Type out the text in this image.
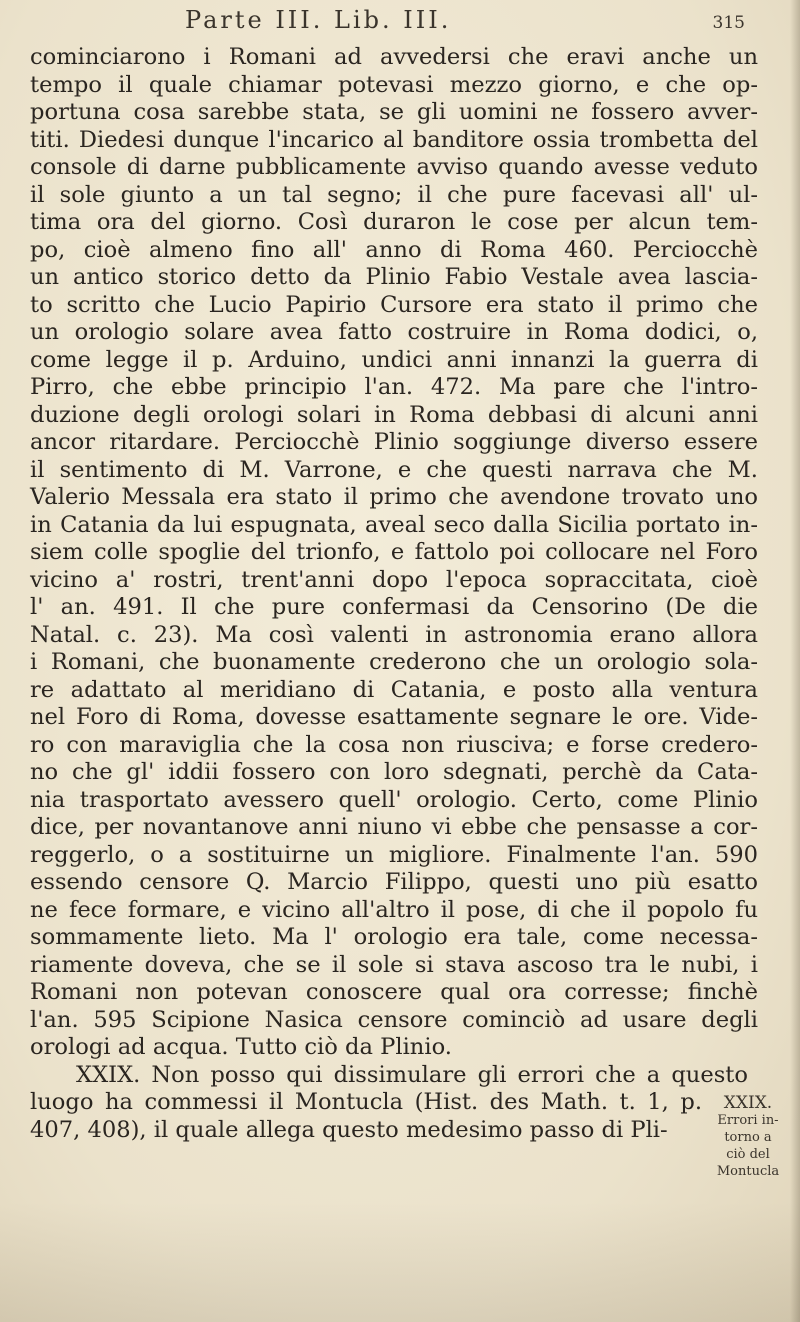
Parte III. Lib. III.	315
cominciarono i Romani ad avvedersi che eravi anche un
tempo il quale chiamar potevasi mezzo giorno, e che op-
portuna cosa sarebbe stata, se gli uomini ne fossero avver-
titi. Diedesi dunque l'incarico al banditore ossia trombetta del
console di darne pubblicamente avviso quando avesse veduto
il sole giunto a un tal segno; il che pure facevasi all' ul-
tima ora del giorno. Così duraron le cose per alcun tem-
po, cioè almeno fino all' anno di Roma 460. Perciocchè
un antico storico detto da Plinio Fabio Vestale avea lascia-
to scritto che Lucio Papirio Cursore era stato il primo che
un orologio solare avea fatto costruire in Roma dodici, o,
come legge il p. Arduino, undici anni innanzi la guerra di
Pirro, che ebbe principio l'an. 472. Ma pare che l'intro-
duzione degli orologi solari in Roma debbasi di alcuni anni
ancor ritardare. Perciocchè Plinio soggiunge diverso essere
il sentimento di M. Varrone, e che questi narrava che M.
Valerio Messala era stato il primo che avendone trovato uno
in Catania da lui espugnata, aveal seco dalla Sicilia portato in-
siem colle spoglie del trionfo, e fattolo poi collocare nel Foro
vicino a' rostri, trent'anni dopo l'epoca sopraccitata, cioè
l' an. 491. Il che pure confermasi da Censorino (De die
Natal. c. 23). Ma così valenti in astronomia erano allora
i Romani, che buonamente crederono che un orologio sola-
re adattato al meridiano di Catania, e posto alla ventura
nel Foro di Roma, dovesse esattamente segnare le ore. Vide-
ro con maraviglia che la cosa non riusciva; e forse credero-
no che gl' iddii fossero con loro sdegnati, perchè da Cata-
nia trasportato avessero quell' orologio. Certo, come Plinio
dice, per novantanove anni niuno vi ebbe che pensasse a cor-
reggerlo, o a sostituirne un migliore. Finalmente l'an. 590
essendo censore Q. Marcio Filippo, questi uno più esatto
ne fece formare, e vicino all'altro il pose, di che il popolo fu
sommamente lieto. Ma l' orologio era tale, come necessa-
riamente doveva, che se il sole si stava ascoso tra le nubi, i
Romani non potevan conoscere qual ora corresse; finchè
l'an. 595 Scipione Nasica censore cominciò ad usare degli
orologi ad acqua. Tutto ciò da Plinio.
XXIX. Non posso qui dissimulare gli errori che a questo
luogo ha commessi il Montucla (Hist. des Math. t. 1, p.
407, 408), il quale allega questo medesimo passo di Pli-
XXIX.
Errori in-
torno a
ciò del
Montucla
